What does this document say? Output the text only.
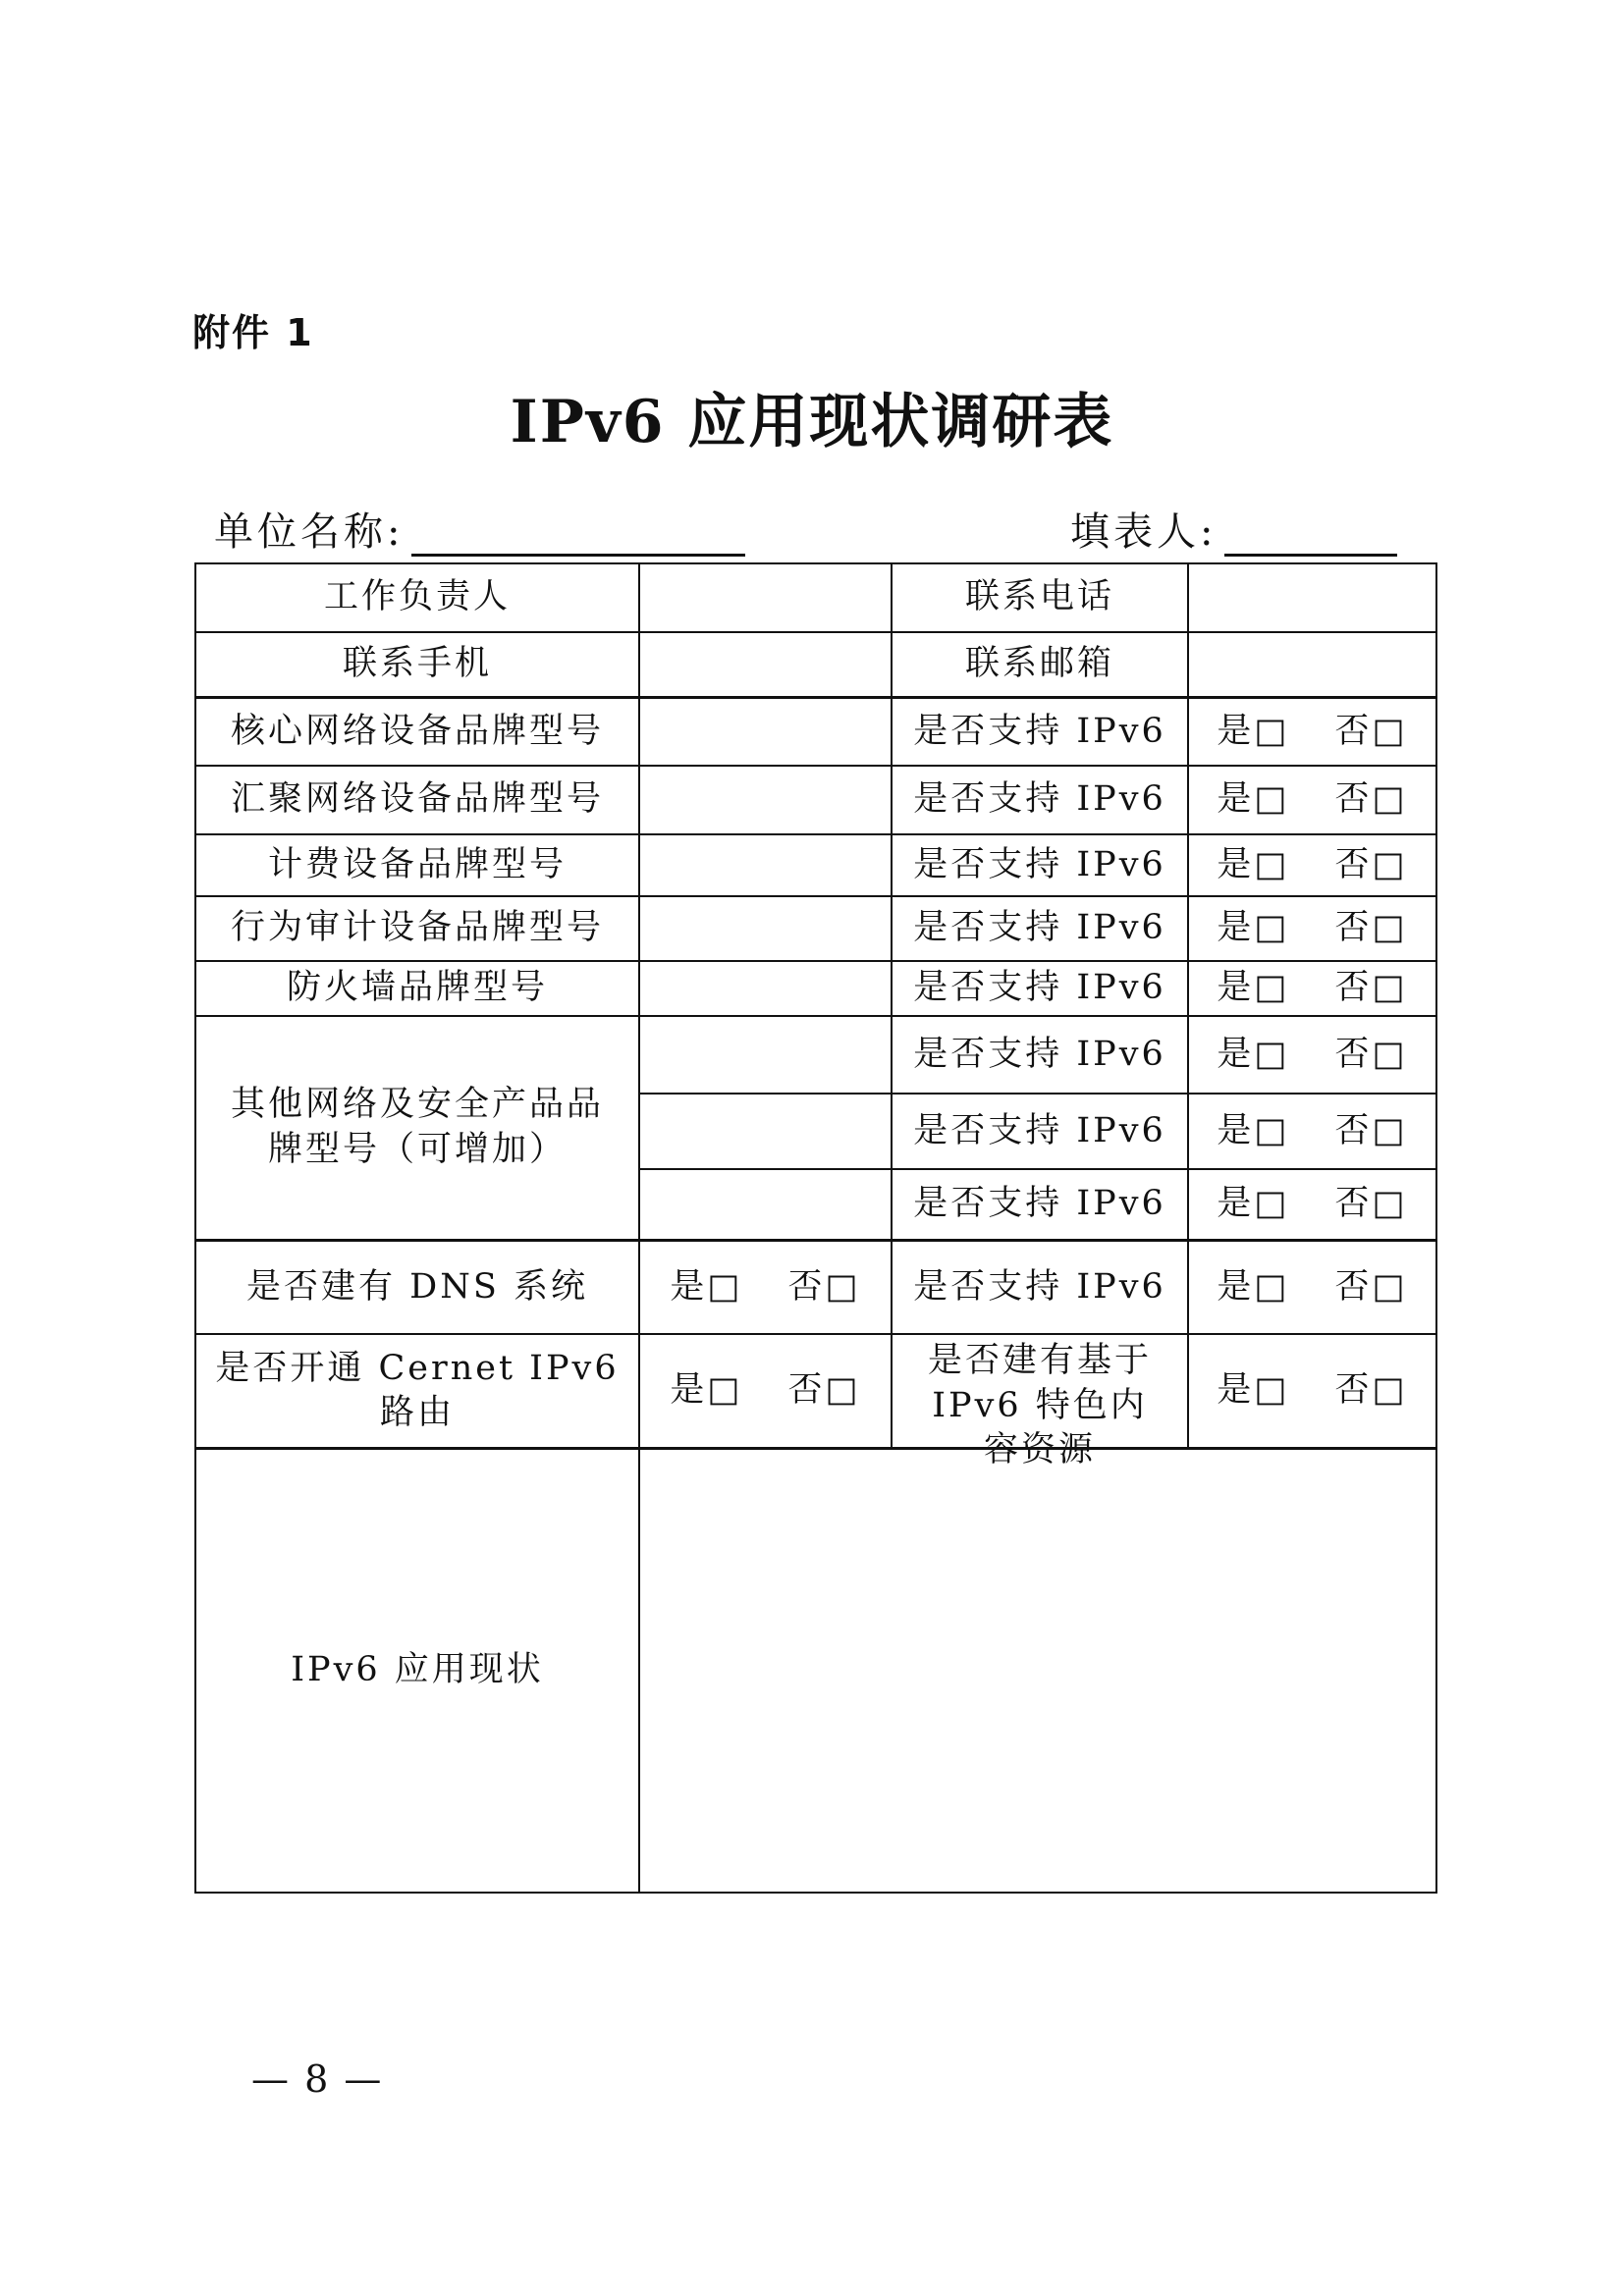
附件 1
IPv6 应用现状调研表
单位名称:	填表人:
工作负责人		联系电话	
联系手机		联系邮箱	
核心网络设备品牌型号		是否支持 IPv6	是□ 否□
汇聚网络设备品牌型号		是否支持 IPv6	是□ 否□
计费设备品牌型号		是否支持 IPv6	是□ 否□
行为审计设备品牌型号		是否支持 IPv6	是□ 否□
防火墙品牌型号		是否支持 IPv6	是□ 否□
其他网络及安全产品品牌型号（可增加）		是否支持 IPv6	是□ 否□
		是否支持 IPv6	是□ 否□
		是否支持 IPv6	是□ 否□
是否建有 DNS 系统	是□ 否□	是否支持 IPv6	是□ 否□
是否开通 Cernet IPv6 路由	是□ 否□	是否建有基于 IPv6 特色内容资源	是□ 否□
IPv6 应用现状			
— 8 —
